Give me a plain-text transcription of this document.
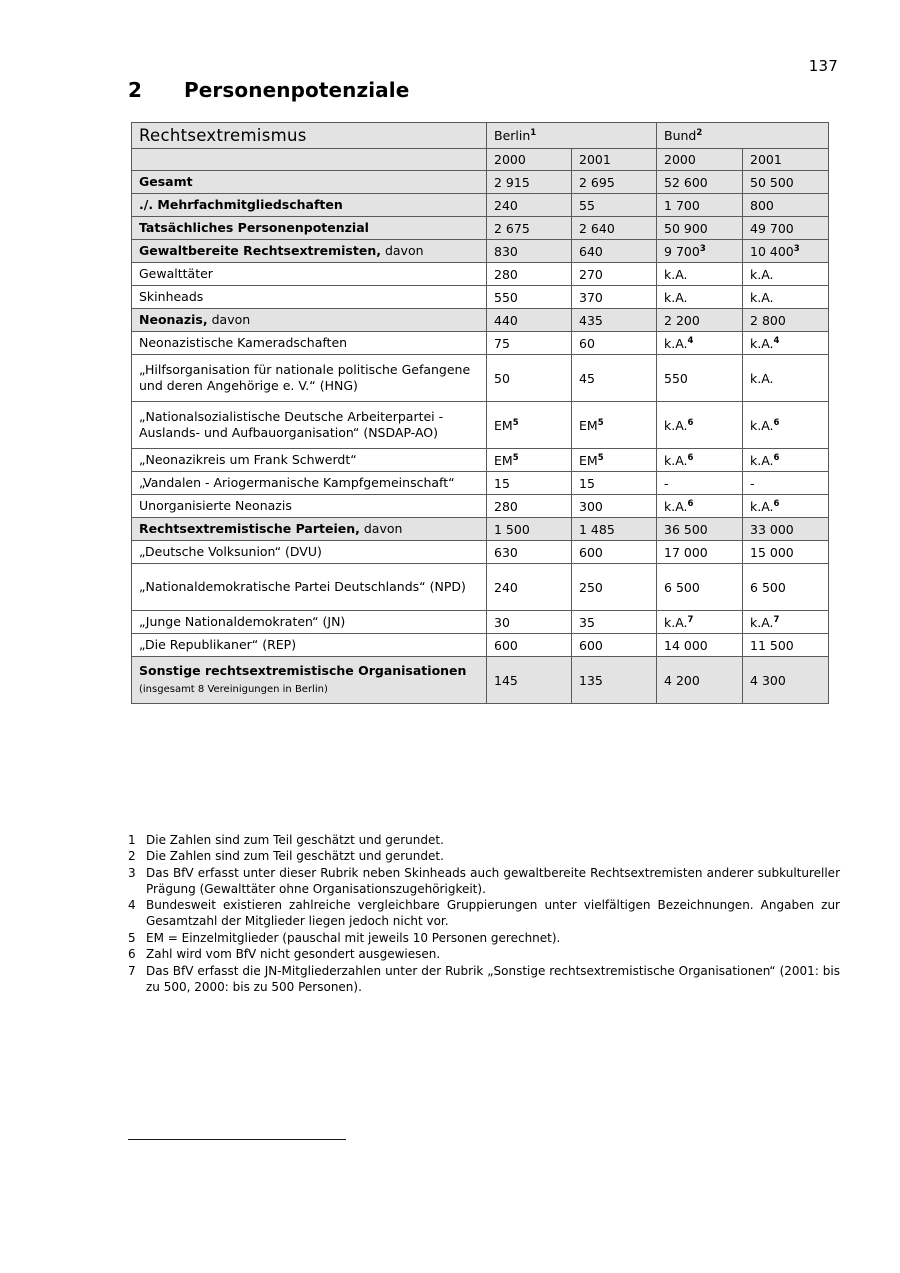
137
2 Personenpotenziale
Rechtsextremismus	Berlin$^1$		Bund$^2$
	2000	2001	2000	2001
Gesamt	2 915	2 695	52 600	50 500
./. Mehrfachmitgliedschaften	240	55	1 700	800
Tatsächliches Personenpotenzial	2 675	2 640	50 900	49 700
Gewaltbereite Rechtsextremisten, davon	830	640	9 $700^3$	10 $400^3$
Gewalttäter	280	270	k.A.	k.A.
Skinheads	550	370	k.A.	k.A.
Neonazis, davon	440	435	2 200	2 800
Neonazistische Kameradschaften	75	60	k.A.$^4$	k.A.$^4$
„Hilfsorganisation für nationale politische Gefangene und deren Angehörige e. V.“ (HNG)	50	45	550	k.A.
„Nationalsozialistische Deutsche Arbeiterpartei - Auslands- und Aufbauorganisation“ (NSDAP-AO)	$EM^5$	$EM^5$	k.A.$^6$	k.A.$^6$
„Neonazikreis um Frank Schwerdt“	$EM^5$	$EM^5$	k.A.$^6$	k.A.$^6$
„Vandalen - Ariogermanische Kampfgemeinschaft“	15	15	-	-
Unorganisierte Neonazis	280	300	k.A.$^6$	k.A.$^6$
Rechtsextremistische Parteien, davon	1 500	1 485	36 500	33 000
„Deutsche Volksunion“ (DVU)	630	600	17 000	15 000
„Nationaldemokratische Partei Deutschlands“ (NPD)	240	250	6 500	6 500
„Junge Nationaldemokraten“ (JN)	30	35	k.A.$^7$	k.A.$^7$
„Die Republikaner“ (REP)	600	600	14 000	11 500
Sonstige rechtsextremistische Organisationen (insgesamt 8 Vereinigungen in Berlin)	145	135	4 200	4 300
1 Die Zahlen sind zum Teil geschätzt und gerundet.
2 Die Zahlen sind zum Teil geschätzt und gerundet.
3 Das BfV erfasst unter dieser Rubrik neben Skinheads auch gewaltbereite Rechtsextremisten anderer subkultureller Prägung (Gewalttäter ohne Organisationszugehörigkeit).
4 Bundesweit existieren zahlreiche vergleichbare Gruppierungen unter vielfältigen Bezeichnungen. Angaben zur Gesamtzahl der Mitglieder liegen jedoch nicht vor.
5 EM = Einzelmitglieder (pauschal mit jeweils 10 Personen gerechnet).
6 Zahl wird vom BfV nicht gesondert ausgewiesen.
7 Das BfV erfasst die JN-Mitgliederzahlen unter der Rubrik „Sonstige rechtsextremistische Organisationen“ (2001: bis zu 500, 2000: bis zu 500 Personen).
